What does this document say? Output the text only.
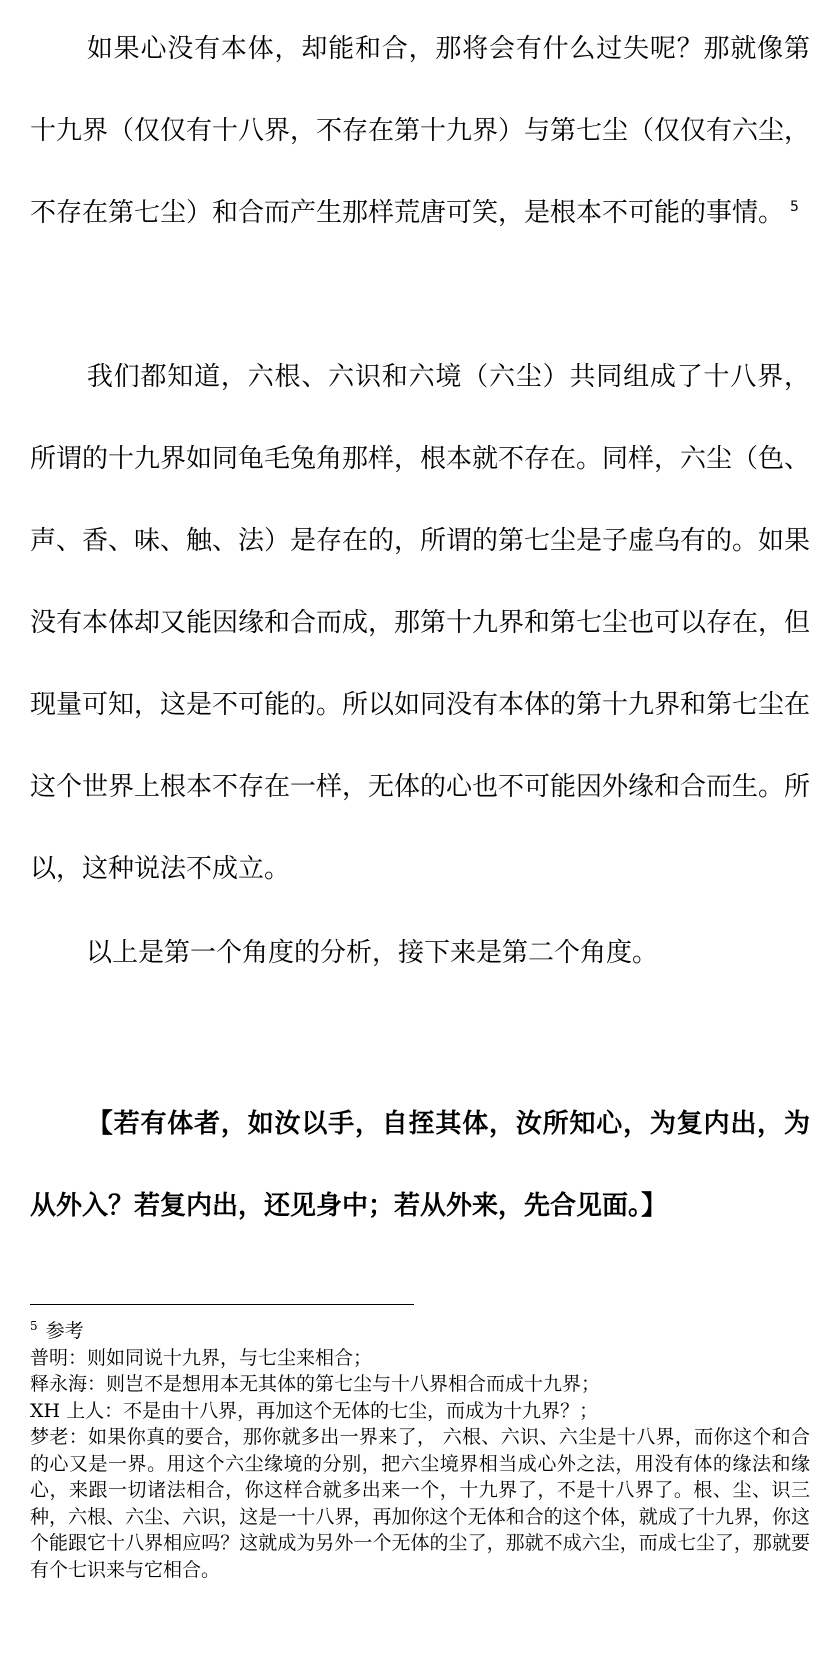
如果心没有本体，却能和合，那将会有什么过失呢？那就像第十九界（仅仅有十八界，不存在第十九界）与第七尘（仅仅有六尘，不存在第七尘）和合而产生那样荒唐可笑，是根本不可能的事情。 $^5$

我们都知道，六根、六识和六境（六尘）共同组成了十八界，所谓的十九界如同龟毛兔角那样，根本就不存在。同样，六尘（色、声、香、味、触、法）是存在的，所谓的第七尘是子虚乌有的。如果没有本体却又能因缘和合而成，那第十九界和第七尘也可以存在，但现量可知，这是不可能的。所以如同没有本体的第十九界和第七尘在这个世界上根本不存在一样，无体的心也不可能因外缘和合而生。所以，这种说法不成立。

以上是第一个角度的分析，接下来是第二个角度。

【若有体者，如汝以手，自挃其体，汝所知心，为复内出，为从外入？若复内出，还见身中；若从外来，先合见面。】

$^5$ 参考

普明：则如同说十九界，与七尘来相合；

释永海：则岂不是想用本无其体的第七尘与十八界相合而成十九界；

XH 上人：不是由十八界，再加这个无体的七尘，而成为十九界？；

梦老：如果你真的要合，那你就多出一界来了， 六根、六识、六尘是十八界，而你这个和合的心又是一界。用这个六尘缘境的分别，把六尘境界相当成心外之法，用没有体的缘法和缘心，来跟一切诸法相合，你这样合就多出来一个，十九界了，不是十八界了。根、尘、识三种，六根、六尘、六识，这是一十八界，再加你这个无体和合的这个体，就成了十九界，你这个能跟它十八界相应吗？这就成为另外一个无体的尘了，那就不成六尘，而成七尘了，那就要有个七识来与它相合。
